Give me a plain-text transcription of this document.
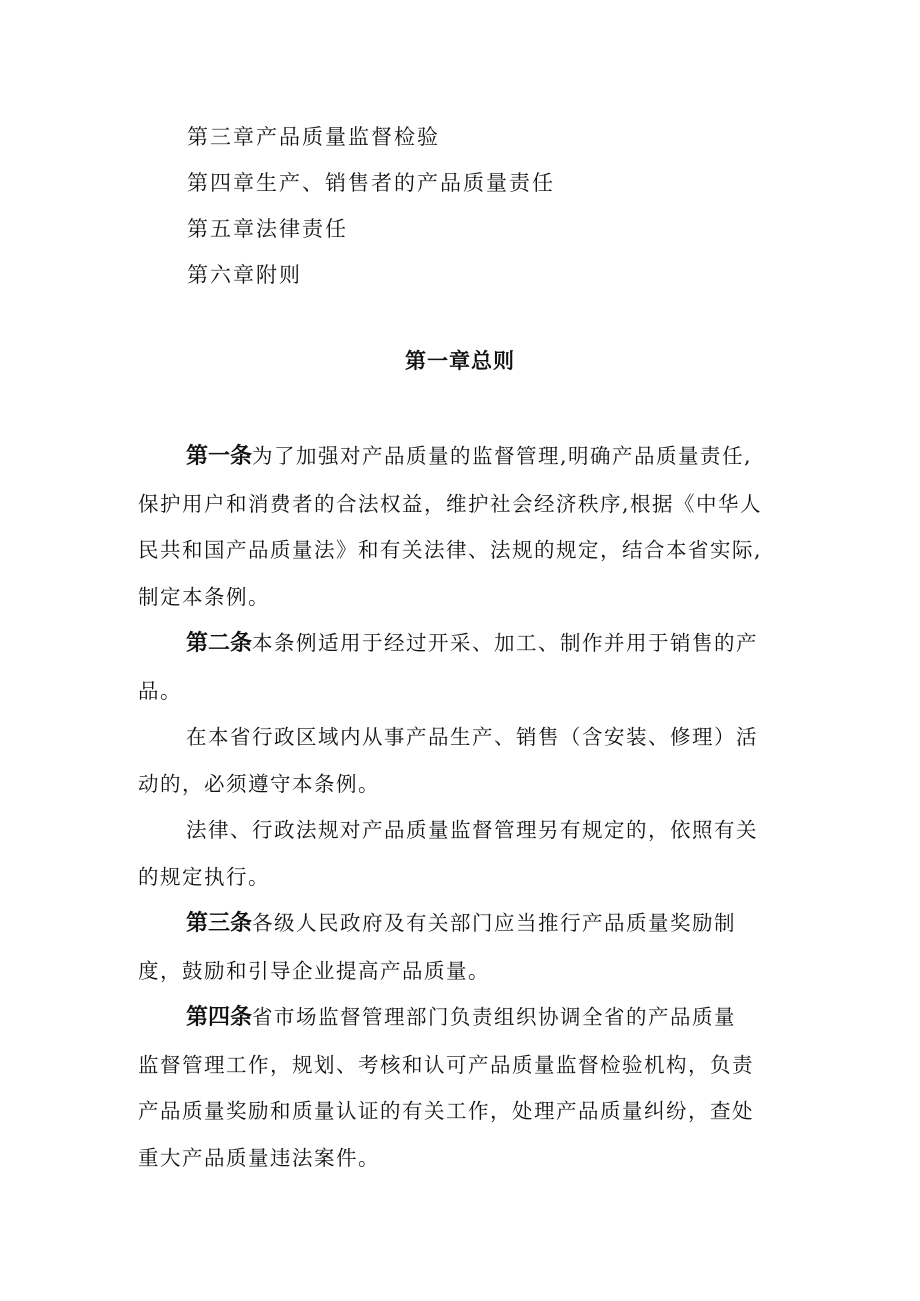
第三章产品质量监督检验
第四章生产、销售者的产品质量责任
第五章法律责任
第六章附则
第一章总则
第一条为了加强对产品质量的监督管理,明确产品质量责任,
保护用户和消费者的合法权益，维护社会经济秩序,根据《中华人
民共和国产品质量法》和有关法律、法规的规定，结合本省实际,
制定本条例。
第二条本条例适用于经过开采、加工、制作并用于销售的产
品。
在本省行政区域内从事产品生产、销售（含安装、修理）活
动的，必须遵守本条例。
法律、行政法规对产品质量监督管理另有规定的，依照有关
的规定执行。
第三条各级人民政府及有关部门应当推行产品质量奖励制
度，鼓励和引导企业提高产品质量。
第四条省市场监督管理部门负责组织协调全省的产品质量
监督管理工作，规划、考核和认可产品质量监督检验机构，负责
产品质量奖励和质量认证的有关工作，处理产品质量纠纷，查处
重大产品质量违法案件。
